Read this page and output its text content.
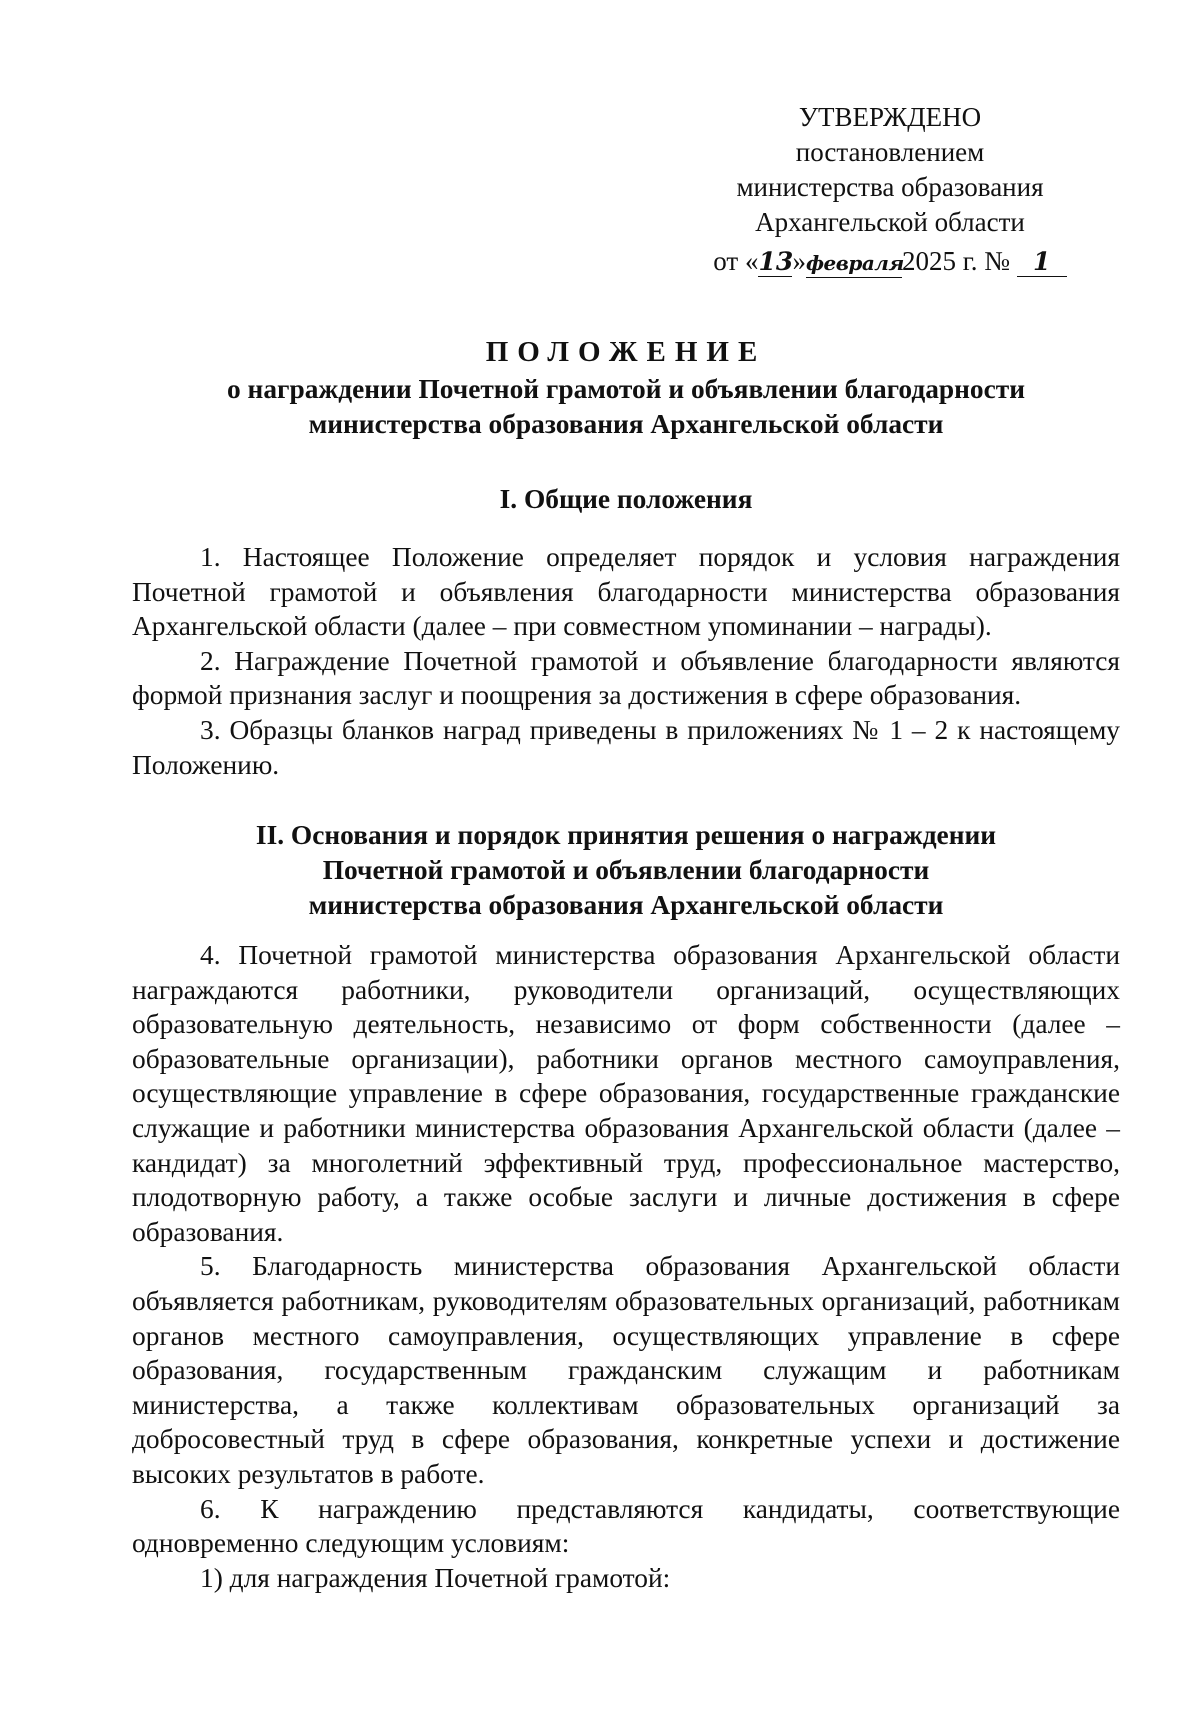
УТВЕРЖДЕНО
постановлением
министерства образования
Архангельской области
от «13»февраля2025 г. № 1
ПОЛОЖЕНИЕ
о награждении Почетной грамотой и объявлении благодарности
министерства образования Архангельской области
I. Общие положения

1. Настоящее Положение определяет порядок и условия награждения Почетной грамотой и объявления благодарности министерства образования Архангельской области (далее – при совместном упоминании – награды).

2. Награждение Почетной грамотой и объявление благодарности являются формой признания заслуг и поощрения за достижения в сфере образования.

3. Образцы бланков наград приведены в приложениях № 1 – 2 к настоящему Положению.

II. Основания и порядок принятия решения о награждении
Почетной грамотой и объявлении благодарности
министерства образования Архангельской области

4. Почетной грамотой министерства образования Архангельской области награждаются работники, руководители организаций, осуществляющих образовательную деятельность, независимо от форм собственности (далее – образовательные организации), работники органов местного самоуправления, осуществляющие управление в сфере образования, государственные гражданские служащие и работники министерства образования Архангельской области (далее – кандидат) за многолетний эффективный труд, профессиональное мастерство, плодотворную работу, а также особые заслуги и личные достижения в сфере образования.

5. Благодарность министерства образования Архангельской области объявляется работникам, руководителям образовательных организаций, работникам органов местного самоуправления, осуществляющих управление в сфере образования, государственным гражданским служащим и работникам министерства, а также коллективам образовательных организаций за добросовестный труд в сфере образования, конкретные успехи и достижение высоких результатов в работе.

6. К награждению представляются кандидаты, соответствующие одновременно следующим условиям:

1) для награждения Почетной грамотой:
